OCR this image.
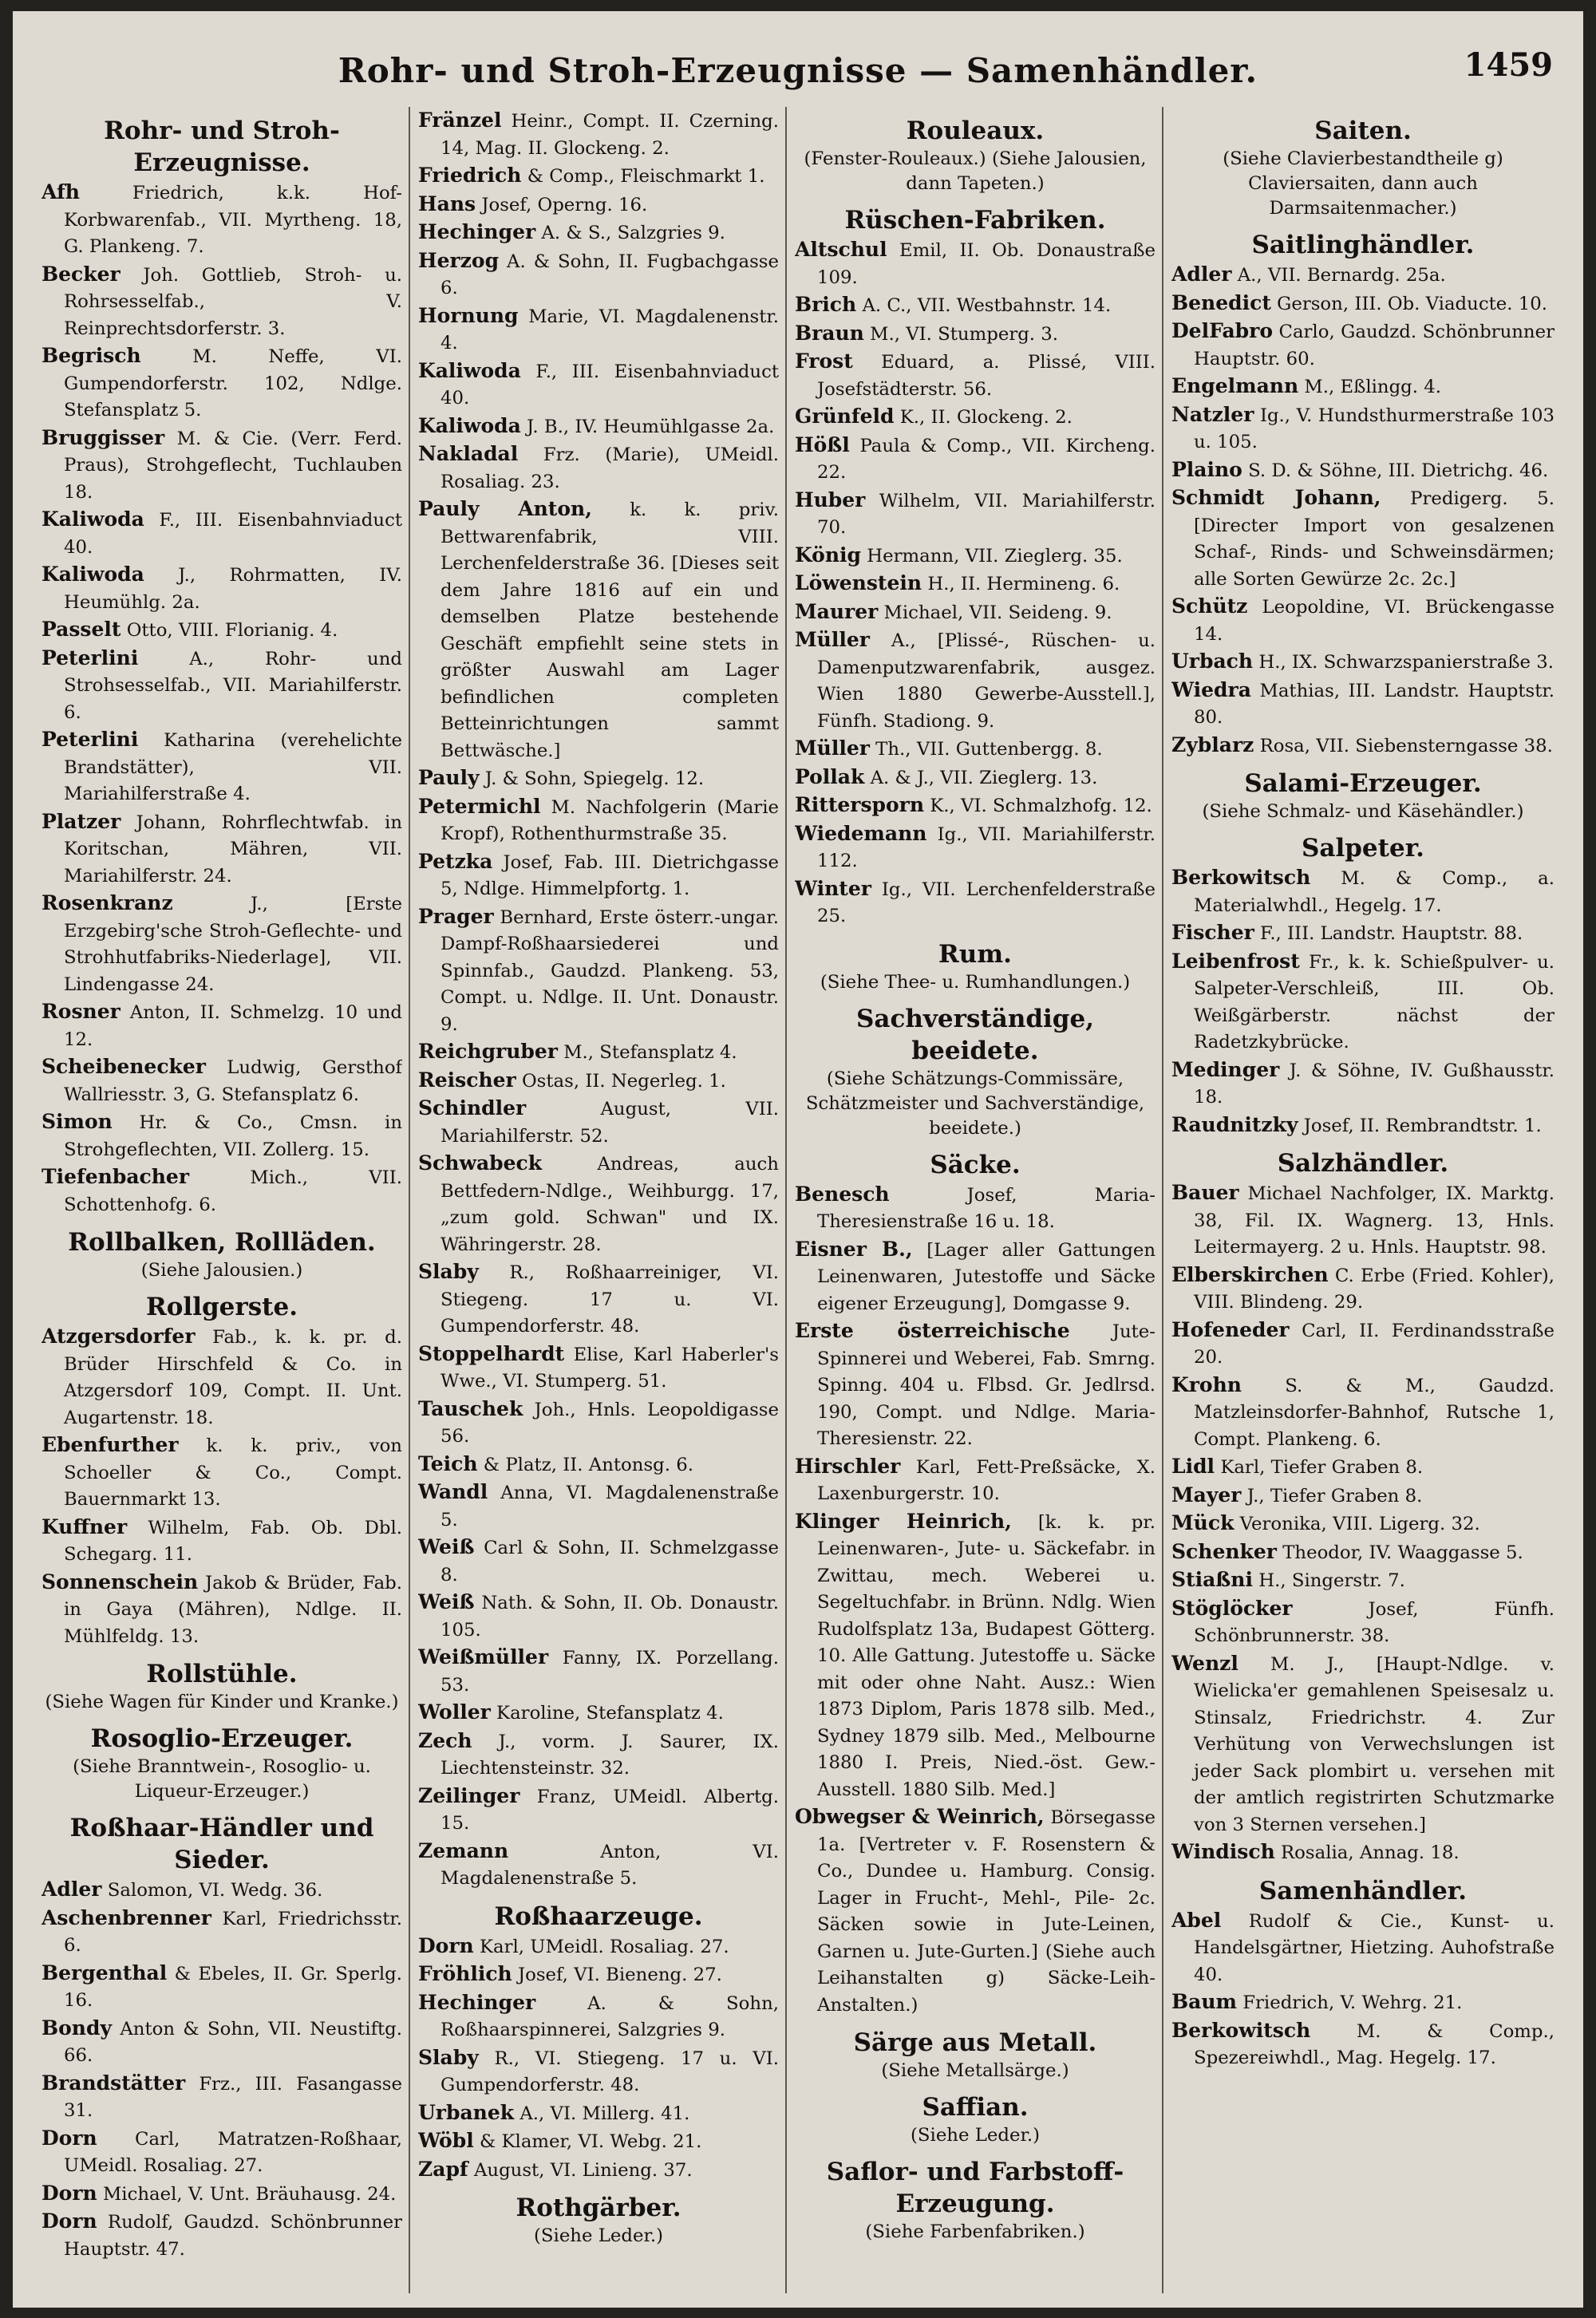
Rohr- und Stroh-Erzeugnisse — Samenhändler.	1459
Rohr- und Stroh-Erzeugnisse.

Afh	Friedrich, k.k. Hof-Korbwarenfab., VII. Myrtheng. 18, G. Plankeng. 7.

Becker Joh. Gottlieb, Stroh- u. Rohrsesselfab., V. Reinprechtsdorferstr. 3.

Begrisch	M. Neffe, VI. Gumpendorferstr. 102, Ndlge. Stefansplatz 5.

Bruggisser M. & Cie. (Verr. Ferd. Praus), Strohgeflecht, Tuchlauben 18.

Kaliwoda F., III. Eisenbahnviaduct 40.

Kaliwoda J., Rohrmatten, IV. Heumühlg. 2a.

Passelt Otto, VIII. Florianig. 4.

Peterlini	A., Rohr- und Strohsesselfab., VII. Mariahilferstr. 6.

Peterlini Katharina (verehelichte Brandstätter), VII. Mariahilferstraße 4.

Platzer Johann, Rohrflechtwfab. in Koritschan, Mähren, VII. Mariahilferstr. 24.

Rosenkranz	J., [Erste Erzgebirg'sche Stroh-Geflechte- und Strohhutfabriks-Niederlage], VII. Lindengasse 24.

Rosner Anton, II. Schmelzg. 10 und 12.

Scheibenecker Ludwig, Gersthof Wallriesstr. 3, G. Stefansplatz 6.

Simon Hr. & Co., Cmsn. in Strohgeflechten, VII. Zollerg. 15.

Tiefenbacher	Mich., VII. Schottenhofg. 6.

Rollbalken, Rollläden.
(Siehe Jalousien.)
Rollgerste.

Atzgersdorfer Fab., k. k. pr. d. Brüder Hirschfeld & Co. in Atzgersdorf 109, Compt. II. Unt. Augartenstr. 18.

Ebenfurther k. k. priv., von Schoeller & Co., Compt. Bauernmarkt 13.

Kuffner Wilhelm, Fab. Ob. Dbl. Schegarg. 11.

Sonnenschein Jakob & Brüder, Fab. in Gaya (Mähren), Ndlge. II. Mühlfeldg. 13.

Rollstühle.
(Siehe Wagen für Kinder und Kranke.)
Rosoglio-Erzeuger.
(Siehe Branntwein-, Rosoglio- u. Liqueur-Erzeuger.)
Roßhaar-Händler und Sieder.

Adler Salomon, VI. Wedg. 36.

Aschenbrenner Karl, Friedrichsstr. 6.

Bergenthal & Ebeles, II. Gr. Sperlg. 16.

Bondy Anton & Sohn, VII. Neustiftg. 66.

Brandstätter Frz., III. Fasangasse 31.

Dorn Carl, Matratzen-Roßhaar, UMeidl. Rosaliag. 27.

Dorn Michael, V. Unt. Bräuhausg. 24.

Dorn Rudolf, Gaudzd. Schönbrunner Hauptstr. 47.

Fränzel Heinr., Compt. II. Czerning. 14, Mag. II. Glockeng. 2.

Friedrich & Comp., Fleischmarkt 1.

Hans Josef, Operng. 16.

Hechinger A. & S., Salzgries 9.

Herzog A. & Sohn, II. Fugbachgasse 6.

Hornung Marie, VI. Magdalenenstr. 4.

Kaliwoda F., III. Eisenbahnviaduct 40.

Kaliwoda J. B., IV. Heumühlgasse 2a.

Nakladal Frz. (Marie), UMeidl. Rosaliag. 23.

Pauly Anton, k. k. priv. Bettwarenfabrik, VIII. Lerchenfelderstraße 36. [Dieses seit dem Jahre 1816 auf ein und demselben Platze bestehende Geschäft empfiehlt seine stets in größter Auswahl am Lager befindlichen completen Betteinrichtungen sammt Bettwäsche.]

Pauly J. & Sohn, Spiegelg. 12.

Petermichl M. Nachfolgerin (Marie Kropf), Rothenthurmstraße 35.

Petzka Josef, Fab. III. Dietrichgasse 5, Ndlge. Himmelpfortg. 1.

Prager Bernhard, Erste österr.-ungar. Dampf-Roßhaarsiederei und Spinnfab., Gaudzd. Plankeng. 53, Compt. u. Ndlge. II. Unt. Donaustr. 9.

Reichgruber M., Stefansplatz 4.

Reischer Ostas, II. Negerleg. 1.

Schindler	August, VII. Mariahilferstr. 52.

Schwabeck	Andreas, auch Bettfedern-Ndlge., Weihburgg. 17, „zum gold. Schwan" und IX. Währingerstr. 28.

Slaby R., Roßhaarreiniger, VI. Stiegeng. 17 u. VI. Gumpendorferstr. 48.

Stoppelhardt Elise, Karl Haberler's Wwe., VI. Stumperg. 51.

Tauschek Joh., Hnls. Leopoldigasse 56.

Teich & Platz, II. Antonsg. 6.

Wandl Anna, VI. Magdalenenstraße 5.

Weiß Carl & Sohn, II. Schmelzgasse 8.

Weiß Nath. & Sohn, II. Ob. Donaustr. 105.

Weißmüller Fanny, IX. Porzellang. 53.

Woller Karoline, Stefansplatz 4.

Zech J., vorm. J. Saurer, IX. Liechtensteinstr. 32.

Zeilinger Franz, UMeidl. Albertg. 15.

Zemann	Anton, VI. Magdalenenstraße 5.

Roßhaarzeuge.

Dorn Karl, UMeidl. Rosaliag. 27.

Fröhlich Josef, VI. Bieneng. 27.

Hechinger	A. & Sohn, Roßhaarspinnerei, Salzgries 9.

Slaby R., VI. Stiegeng. 17 u. VI. Gumpendorferstr. 48.

Urbanek A., VI. Millerg. 41.

Wöbl & Klamer, VI. Webg. 21.

Zapf August, VI. Linieng. 37.

Rothgärber.
(Siehe Leder.)
Rouleaux.
(Fenster-Rouleaux.) (Siehe Jalousien, dann Tapeten.)
Rüschen-Fabriken.

Altschul Emil, II. Ob. Donaustraße 109.

Brich A. C., VII. Westbahnstr. 14.

Braun M., VI. Stumperg. 3.

Frost Eduard, a. Plissé, VIII. Josefstädterstr. 56.

Grünfeld K., II. Glockeng. 2.

Hößl Paula & Comp., VII. Kircheng. 22.

Huber Wilhelm, VII. Mariahilferstr. 70.

König Hermann, VII. Zieglerg. 35.

Löwenstein H., II. Hermineng. 6.

Maurer Michael, VII. Seideng. 9.

Müller A., [Plissé-, Rüschen- u. Damenputzwarenfabrik, ausgez. Wien 1880 Gewerbe-Ausstell.], Fünfh. Stadiong. 9.

Müller Th., VII. Guttenbergg. 8.

Pollak A. & J., VII. Zieglerg. 13.

Rittersporn K., VI. Schmalzhofg. 12.

Wiedemann Ig., VII. Mariahilferstr. 112.

Winter Ig., VII. Lerchenfelderstraße 25.

Rum.
(Siehe Thee- u. Rumhandlungen.)
Sachverständige, beeidete.
(Siehe Schätzungs-Commissäre, Schätzmeister und Sachverständige, beeidete.)
Säcke.

Benesch	Josef, Maria-Theresienstraße 16 u. 18.

Eisner B., [Lager aller Gattungen Leinenwaren, Jutestoffe und Säcke eigener Erzeugung], Domgasse 9.

Erste österreichische Jute-Spinnerei und Weberei, Fab. Smrng. Spinng. 404 u. Flbsd. Gr. Jedlrsd. 190, Compt. und Ndlge. Maria-Theresienstr. 22.

Hirschler Karl, Fett-Preßsäcke, X. Laxenburgerstr. 10.

Klinger Heinrich, [k. k. pr. Leinenwaren-, Jute- u. Säckefabr. in Zwittau, mech. Weberei u. Segeltuchfabr. in Brünn. Ndlg. Wien Rudolfsplatz 13a, Budapest Götterg. 10. Alle Gattung. Jutestoffe u. Säcke mit oder ohne Naht. Ausz.: Wien 1873 Diplom, Paris 1878 silb. Med., Sydney 1879 silb. Med., Melbourne 1880 I. Preis, Nied.-öst. Gew.-Ausstell. 1880 Silb. Med.]

Obwegser & Weinrich, Börsegasse 1a. [Vertreter v. F. Rosenstern & Co., Dundee u. Hamburg. Consig. Lager in Frucht-, Mehl-, Pile- 2c. Säcken sowie in Jute-Leinen, Garnen u. Jute-Gurten.] (Siehe auch Leihanstalten g) Säcke-Leih-Anstalten.)

Särge aus Metall.
(Siehe Metallsärge.)
Saffian.
(Siehe Leder.)
Saflor- und Farbstoff-Erzeugung.
(Siehe Farbenfabriken.)
Saiten.
(Siehe Clavierbestandtheile g) Claviersaiten, dann auch Darmsaitenmacher.)
Saitlinghändler.

Adler A., VII. Bernardg. 25a.

Benedict Gerson, III. Ob. Viaducte. 10.

DelFabro Carlo, Gaudzd. Schönbrunner Hauptstr. 60.

Engelmann M., Eßlingg. 4.

Natzler Ig., V. Hundsthurmerstraße 103 u. 105.

Plaino S. D. & Söhne, III. Dietrichg. 46.

Schmidt Johann, Predigerg. 5. [Directer Import von gesalzenen Schaf-, Rinds- und Schweinsdärmen; alle Sorten Gewürze 2c. 2c.]

Schütz Leopoldine, VI. Brückengasse 14.

Urbach H., IX. Schwarzspanierstraße 3.

Wiedra Mathias, III. Landstr. Hauptstr. 80.

Zyblarz Rosa, VII. Siebensterngasse 38.

Salami-Erzeuger.
(Siehe Schmalz- und Käsehändler.)
Salpeter.

Berkowitsch M. & Comp., a. Materialwhdl., Hegelg. 17.

Fischer F., III. Landstr. Hauptstr. 88.

Leibenfrost Fr., k. k. Schießpulver- u. Salpeter-Verschleiß, III. Ob. Weißgärberstr. nächst der Radetzkybrücke.

Medinger J. & Söhne, IV. Gußhausstr. 18.

Raudnitzky Josef, II. Rembrandtstr. 1.

Salzhändler.

Bauer Michael Nachfolger, IX. Marktg. 38, Fil. IX. Wagnerg. 13, Hnls. Leitermayerg. 2 u. Hnls. Hauptstr. 98.

Elberskirchen C. Erbe (Fried. Kohler), VIII. Blindeng. 29.

Hofeneder Carl, II. Ferdinandsstraße 20.

Krohn S. & M., Gaudzd. Matzleinsdorfer-Bahnhof, Rutsche 1, Compt. Plankeng. 6.

Lidl Karl, Tiefer Graben 8.

Mayer J., Tiefer Graben 8.

Mück Veronika, VIII. Ligerg. 32.

Schenker Theodor, IV. Waaggasse 5.

Stiaßni H., Singerstr. 7.

Stöglöcker	Josef, Fünfh. Schönbrunnerstr. 38.

Wenzl M. J., [Haupt-Ndlge. v. Wielicka'er gemahlenen Speisesalz u. Stinsalz, Friedrichstr. 4. Zur Verhütung von Verwechslungen ist jeder Sack plombirt u. versehen mit der amtlich registrirten Schutzmarke von 3 Sternen versehen.]

Windisch Rosalia, Annag. 18.

Samenhändler.

Abel Rudolf & Cie., Kunst- u. Handelsgärtner, Hietzing. Auhofstraße 40.

Baum Friedrich, V. Wehrg. 21.

Berkowitsch	M. & Comp., Spezereiwhdl., Mag. Hegelg. 17.
